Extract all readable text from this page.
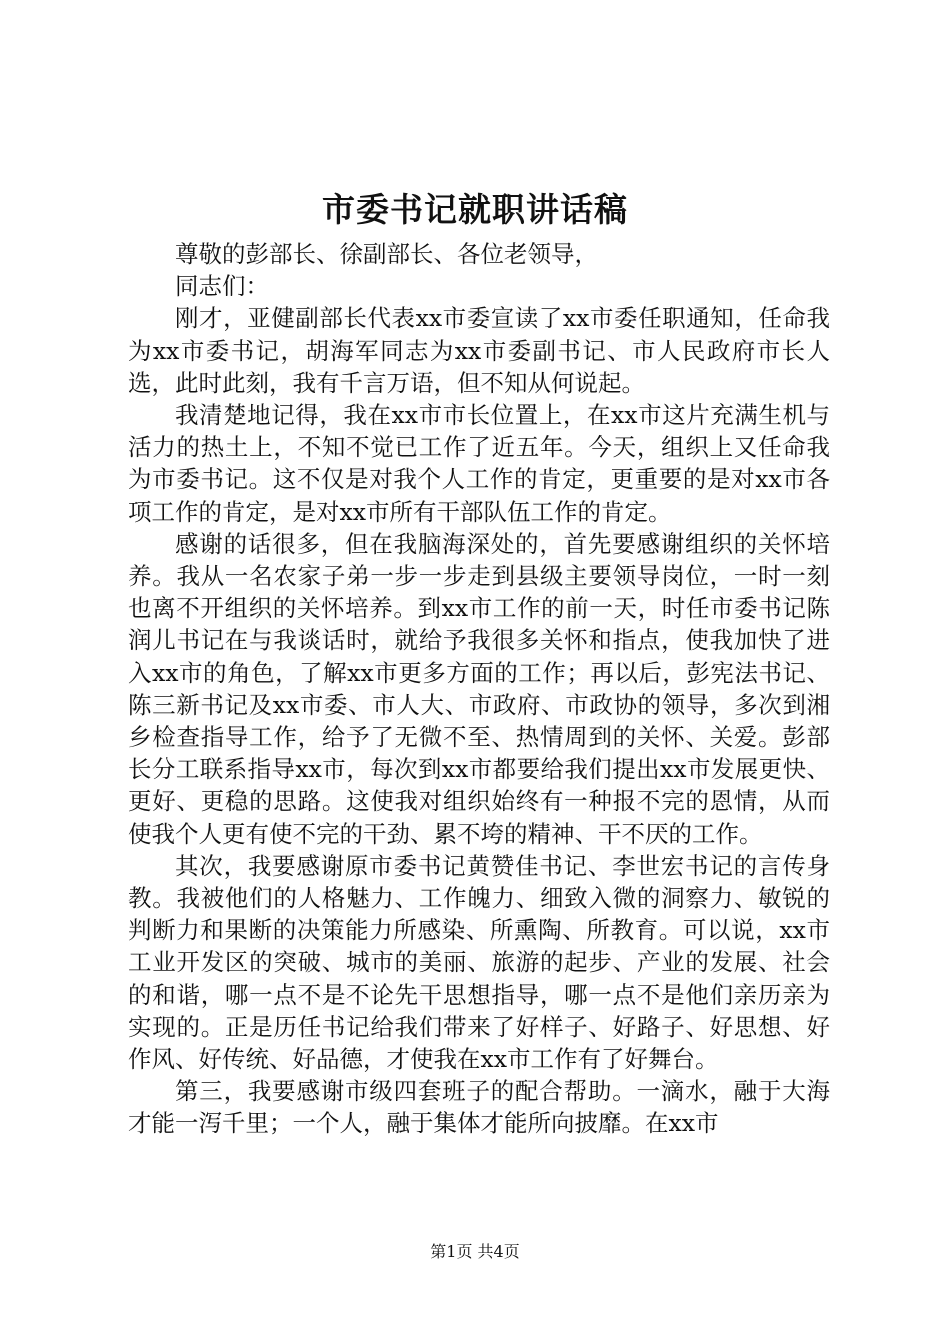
市委书记就职讲话稿

尊敬的彭部长、徐副部长、各位老领导，

同志们：

刚才，亚健副部长代表xx市委宣读了xx市委任职通知，任命我为xx市委书记，胡海军同志为xx市委副书记、市人民政府市长人选，此时此刻，我有千言万语，但不知从何说起。

我清楚地记得，我在xx市市长位置上，在xx市这片充满生机与活力的热土上，不知不觉已工作了近五年。今天，组织上又任命我为市委书记。这不仅是对我个人工作的肯定，更重要的是对xx市各项工作的肯定，是对xx市所有干部队伍工作的肯定。

感谢的话很多，但在我脑海深处的，首先要感谢组织的关怀培养。我从一名农家子弟一步一步走到县级主要领导岗位，一时一刻也离不开组织的关怀培养。到xx市工作的前一天，时任市委书记陈润儿书记在与我谈话时，就给予我很多关怀和指点，使我加快了进入xx市的角色，了解xx市更多方面的工作；再以后，彭宪法书记、陈三新书记及xx市委、市人大、市政府、市政协的领导，多次到湘乡检查指导工作，给予了无微不至、热情周到的关怀、关爱。彭部长分工联系指导xx市，每次到xx市都要给我们提出xx市发展更快、更好、更稳的思路。这使我对组织始终有一种报不完的恩情，从而使我个人更有使不完的干劲、累不垮的精神、干不厌的工作。

其次，我要感谢原市委书记黄赞佳书记、李世宏书记的言传身教。我被他们的人格魅力、工作魄力、细致入微的洞察力、敏锐的判断力和果断的决策能力所感染、所熏陶、所教育。可以说，xx市工业开发区的突破、城市的美丽、旅游的起步、产业的发展、社会的和谐，哪一点不是不论先干思想指导，哪一点不是他们亲历亲为实现的。正是历任书记给我们带来了好样子、好路子、好思想、好作风、好传统、好品德，才使我在xx市工作有了好舞台。

第三，我要感谢市级四套班子的配合帮助。一滴水，融于大海才能一泻千里；一个人，融于集体才能所向披靡。在xx市

第1页 共4页
